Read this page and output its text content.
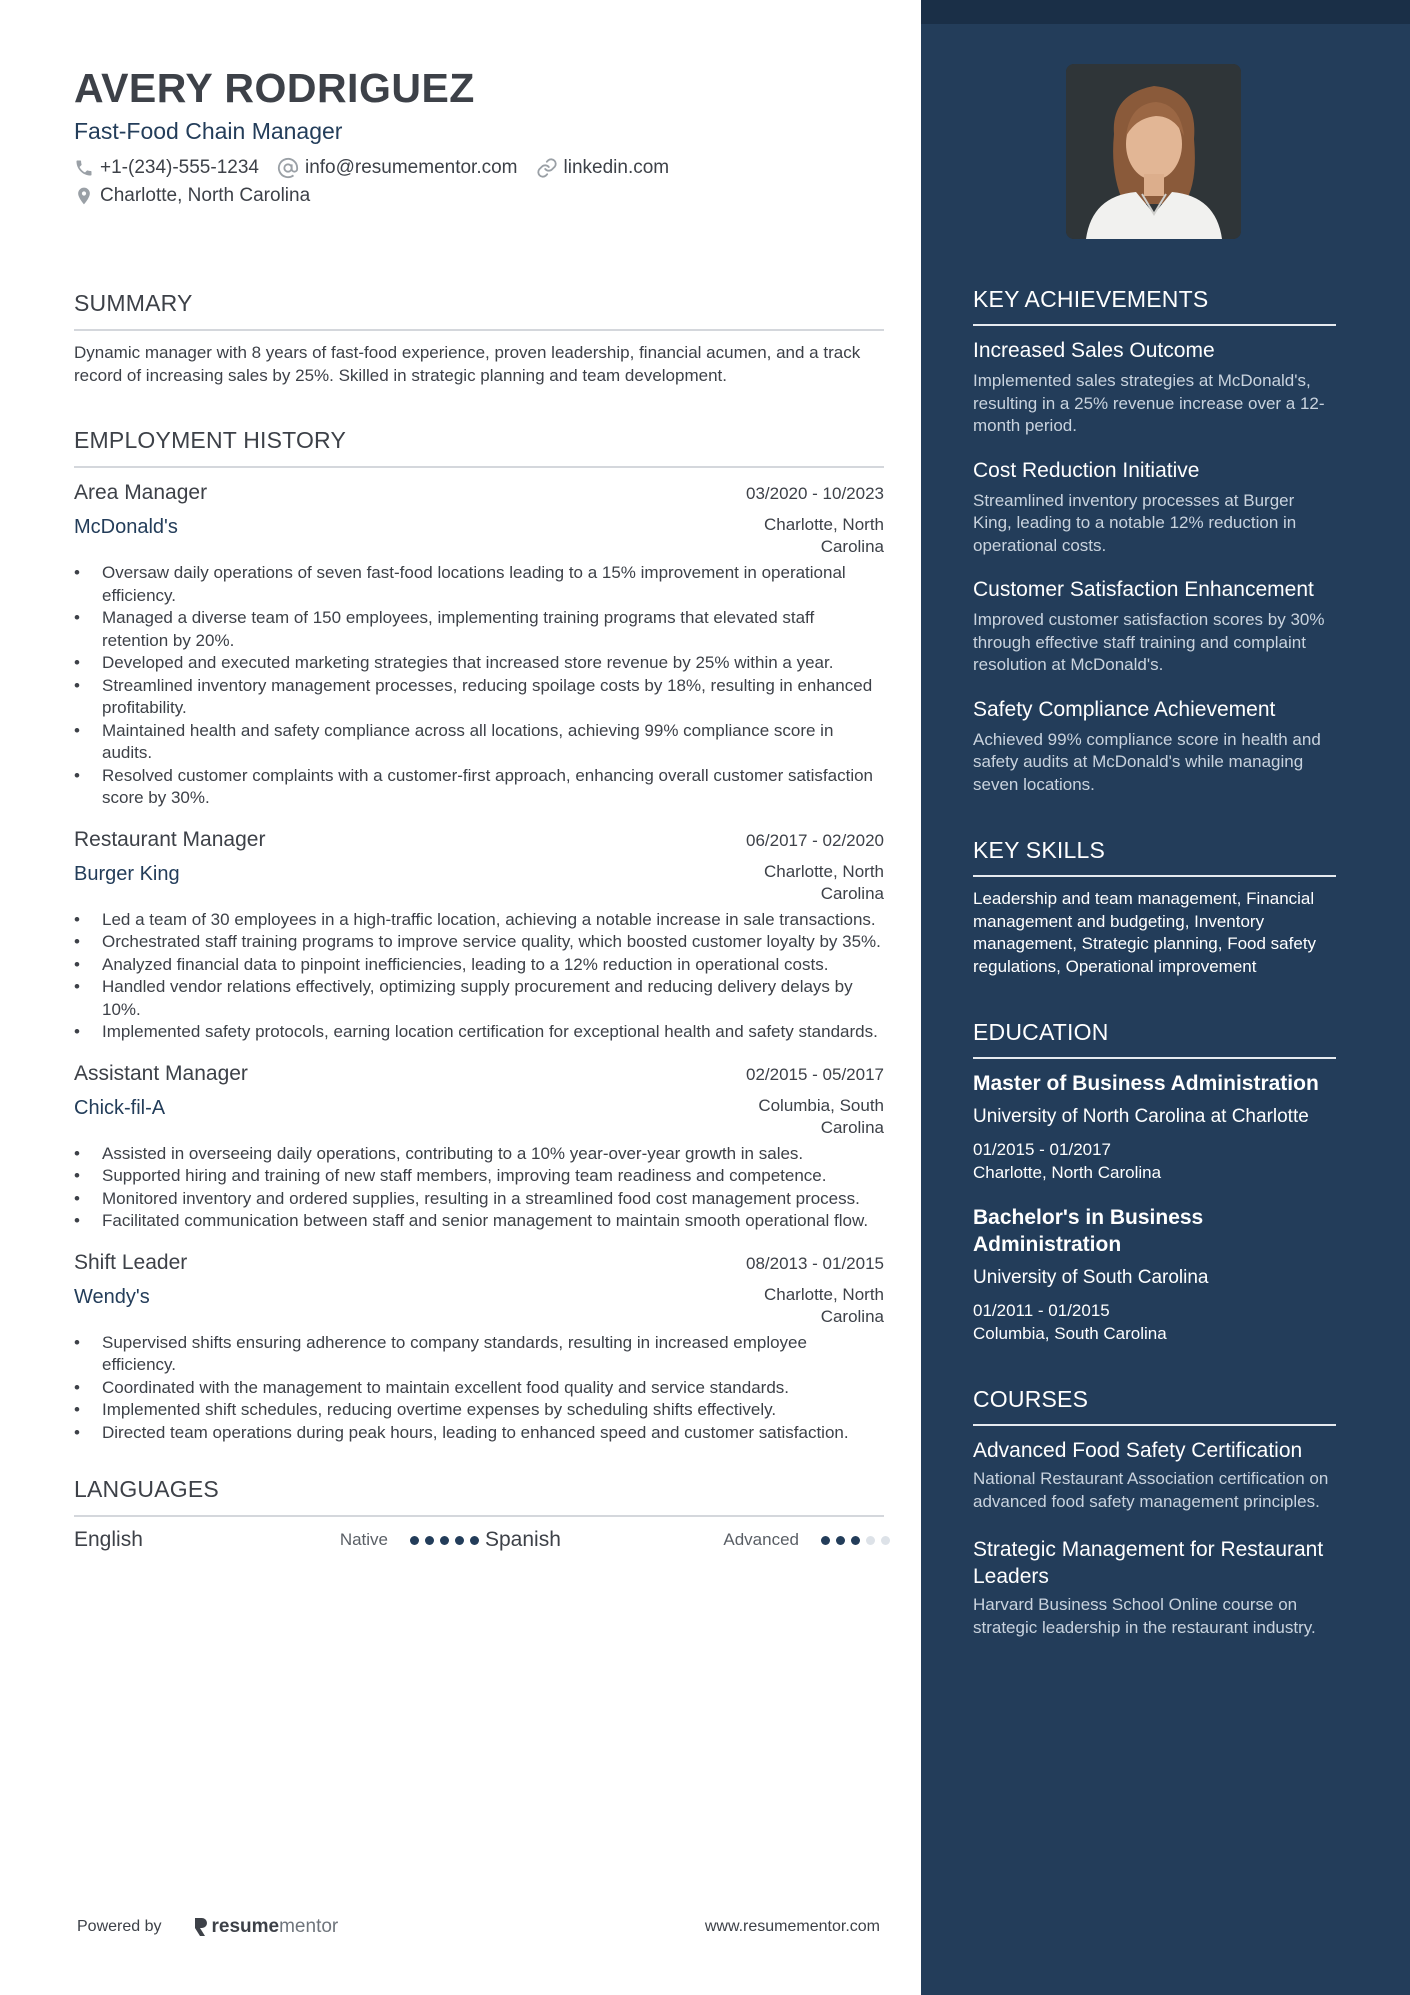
AVERY RODRIGUEZ
Fast-Food Chain Manager
+1-(234)-555-1234 info@resumementor.com linkedin.com
Charlotte, North Carolina
SUMMARY
Dynamic manager with 8 years of fast-food experience, proven leadership, financial acumen, and a track record of increasing sales by 25%. Skilled in strategic planning and team development.
EMPLOYMENT HISTORY
Area Manager	03/2020 - 10/2023
McDonald's	Charlotte, North Carolina
• Oversaw daily operations of seven fast-food locations leading to a 15% improvement in operational efficiency.
• Managed a diverse team of 150 employees, implementing training programs that elevated staff retention by 20%.
• Developed and executed marketing strategies that increased store revenue by 25% within a year.
• Streamlined inventory management processes, reducing spoilage costs by 18%, resulting in enhanced profitability.
• Maintained health and safety compliance across all locations, achieving 99% compliance score in audits.
• Resolved customer complaints with a customer-first approach, enhancing overall customer satisfaction score by 30%.
Restaurant Manager	06/2017 - 02/2020
Burger King	Charlotte, North Carolina
• Led a team of 30 employees in a high-traffic location, achieving a notable increase in sale transactions.
• Orchestrated staff training programs to improve service quality, which boosted customer loyalty by 35%.
• Analyzed financial data to pinpoint inefficiencies, leading to a 12% reduction in operational costs.
• Handled vendor relations effectively, optimizing supply procurement and reducing delivery delays by 10%.
• Implemented safety protocols, earning location certification for exceptional health and safety standards.
Assistant Manager	02/2015 - 05/2017
Chick-fil-A	Columbia, South Carolina
• Assisted in overseeing daily operations, contributing to a 10% year-over-year growth in sales.
• Supported hiring and training of new staff members, improving team readiness and competence.
• Monitored inventory and ordered supplies, resulting in a streamlined food cost management process.
• Facilitated communication between staff and senior management to maintain smooth operational flow.
Shift Leader	08/2013 - 01/2015
Wendy's	Charlotte, North Carolina
• Supervised shifts ensuring adherence to company standards, resulting in increased employee efficiency.
• Coordinated with the management to maintain excellent food quality and service standards.
• Implemented shift schedules, reducing overtime expenses by scheduling shifts effectively.
• Directed team operations during peak hours, leading to enhanced speed and customer satisfaction.
LANGUAGES
English	Native	Spanish	Advanced
Powered by	resume mentor	www.resumementor.com
KEY ACHIEVEMENTS
Increased Sales Outcome
Implemented sales strategies at McDonald's, resulting in a 25% revenue increase over a 12-month period.
Cost Reduction Initiative
Streamlined inventory processes at Burger King, leading to a notable 12% reduction in operational costs.
Customer Satisfaction Enhancement
Improved customer satisfaction scores by 30% through effective staff training and complaint resolution at McDonald's.
Safety Compliance Achievement
Achieved 99% compliance score in health and safety audits at McDonald's while managing seven locations.
KEY SKILLS
Leadership and team management, Financial management and budgeting, Inventory management, Strategic planning, Food safety regulations, Operational improvement
EDUCATION
Master of Business Administration
University of North Carolina at Charlotte
01/2015 - 01/2017
Charlotte, North Carolina
Bachelor's in Business Administration
University of South Carolina
01/2011 - 01/2015
Columbia, South Carolina
COURSES
Advanced Food Safety Certification
National Restaurant Association certification on advanced food safety management principles.
Strategic Management for Restaurant Leaders
Harvard Business School Online course on strategic leadership in the restaurant industry.
